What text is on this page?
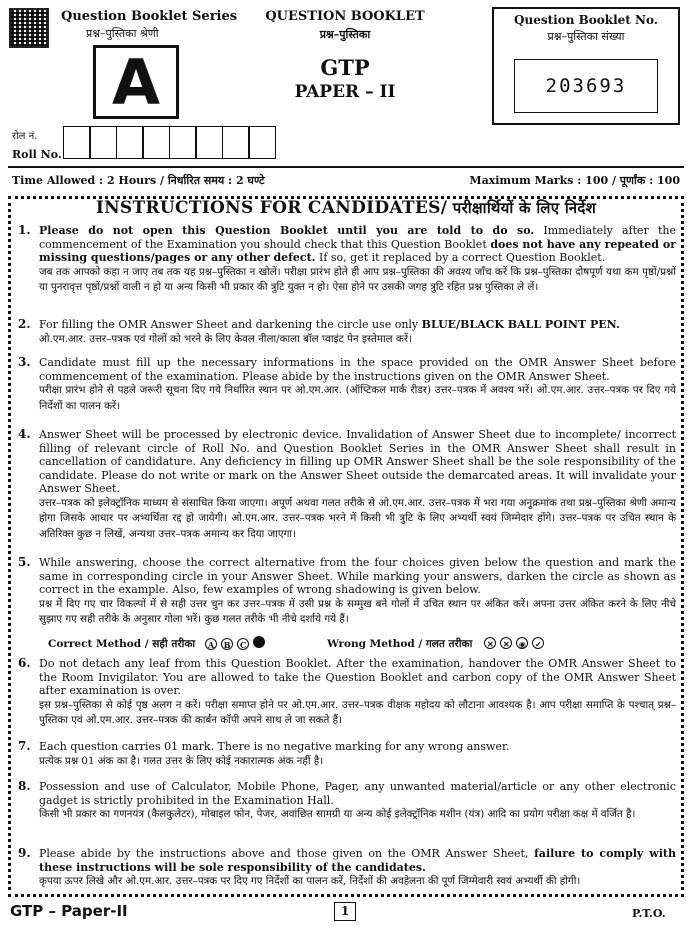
Question Booklet Series
प्रश्न–पुस्तिका श्रेणी
A
QUESTION BOOKLET
प्रश्न–पुस्तिका
GTP
PAPER – II
Question Booklet No.
प्रश्न–पुस्तिका संख्या
203693
रोल नं.
Roll No.
Time Allowed : 2 Hours / निर्धारित समय : 2 घण्टे	Maximum Marks : 100 / पूर्णांक : 100
INSTRUCTIONS FOR CANDIDATES/ परीक्षार्थियों के लिए निर्देश
1. Please do not open this Question Booklet until you are told to do so. Immediately after the commencement of the Examination you should check that this Question Booklet does not have any repeated or missing questions/pages or any other defect. If so, get it replaced by a correct Question Booklet.
जब तक आपको कहा न जाए तब तक यह प्रश्न–पुस्तिका न खोलें। परीक्षा प्रारंभ होते ही आप प्रश्न–पुस्तिका की अवश्य जाँच करें कि प्रश्न–पुस्तिका दोषपूर्ण यथा कम पृष्ठों/प्रश्नों या पुनरावृत्त पृष्ठों/प्रश्नों वाली न हो या अन्य किसी भी प्रकार की त्रुटि युक्त न हो। ऐसा होने पर उसकी जगह त्रुटि रहित प्रश्न पुस्तिका ले लें।
2. For filling the OMR Answer Sheet and darkening the circle use only BLUE/BLACK BALL POINT PEN.
ओ.एम.आर. उत्तर–पत्रक एवं गोलों को भरने के लिए केवल नीला/काला बॉल प्वाइंट पेन इस्तेमाल करें।
3. Candidate must fill up the necessary informations in the space provided on the OMR Answer Sheet before commencement of the examination. Please abide by the instructions given on the OMR Answer Sheet.
परीक्षा प्रारंभ होने से पहले जरूरी सूचना दिए गये निर्धारित स्थान पर ओ.एम.आर. (ऑप्टिकल मार्क रीडर) उत्तर–पत्रक में अवश्य भरें। ओ.एम.आर. उत्तर–पत्रक पर दिए गये निर्देशों का पालन करें।
4. Answer Sheet will be processed by electronic device. Invalidation of Answer Sheet due to incomplete/ incorrect filling of relevant circle of Roll No. and Question Booklet Series in the OMR Answer Sheet shall result in cancellation of candidature. Any deficiency in filling up OMR Answer Sheet shall be the sole responsibility of the candidate. Please do not write or mark on the Answer Sheet outside the demarcated areas. It will invalidate your Answer Sheet.
उत्तर–पत्रक को इलेक्ट्रॉनिक माध्यम से संसाधित किया जाएगा। अपूर्ण अथवा गलत तरीके से ओ.एम.आर. उत्तर–पत्रक में भरा गया अनुक्रमांक तथा प्रश्न–पुस्तिका श्रेणी अमान्य होगा जिसके आधार पर अभ्यर्थिता रद्द हो जायेगी। ओ.एम.आर. उत्तर–पत्रक भरने में किसी भी त्रुटि के लिए अभ्यर्थी स्वयं जिम्मेदार होंगे। उत्तर–पत्रक पर उचित स्थान के अतिरिक्त कुछ न लिखें, अन्यथा उत्तर–पत्रक अमान्य कर दिया जाएगा।
5. While answering, choose the correct alternative from the four choices given below the question and mark the same in corresponding circle in your Answer Sheet. While marking your answers, darken the circle as shown as correct in the example. Also, few examples of wrong shadowing is given below.
प्रश्न में दिए गए चार विकल्पों में से सही उत्तर चुन कर उत्तर–पत्रक में उसी प्रश्न के सम्मुख बने गोलों में उचित स्थान पर अंकित करें। अपना उत्तर अंकित करने के लिए नीचे सुझाए गए सही तरीके के अनुसार गोला भरें। कुछ गलत तरीके भी नीचे दर्शाये गये हैं।
Correct Method / सही तरीका	A B C	Wrong Method / गलत तरीका	✕ ✕ ◉ ✓
6. Do not detach any leaf from this Question Booklet. After the examination, handover the OMR Answer Sheet to the Room Invigilator. You are allowed to take the Question Booklet and carbon copy of the OMR Answer Sheet after examination is over.
इस प्रश्न–पुस्तिका से कोई पृष्ठ अलग न करें। परीक्षा समाप्त होने पर ओ.एम.आर. उत्तर–पत्रक वीक्षक महोदय को लौटाना आवश्यक है। आप परीक्षा समाप्ति के पश्चात् प्रश्न–पुस्तिका एवं ओ.एम.आर. उत्तर–पत्रक की कार्बन कॉपी अपने साथ ले जा सकते हैं।
7. Each question carries 01 mark. There is no negative marking for any wrong answer.
प्रत्येक प्रश्न 01 अंक का है। गलत उत्तर के लिए कोई नकारात्मक अंक नहीं है।
8. Possession and use of Calculator, Mobile Phone, Pager, any unwanted material/article or any other electronic gadget is strictly prohibited in the Examination Hall.
किसी भी प्रकार का गणनयंत्र (कैलकुलेटर), मोबाइल फोन, पेजर, अवांछित सामग्री या अन्य कोई इलेक्ट्रॉनिक मशीन (यंत्र) आदि का प्रयोग परीक्षा कक्ष में वर्जित है।
9. Please abide by the instructions above and those given on the OMR Answer Sheet, failure to comply with these instructions will be sole responsibility of the candidates.
कृपया ऊपर लिखे और ओ.एम.आर. उत्तर–पत्रक पर दिए गए निर्देशों का पालन करें, निर्देशों की अवहेलना की पूर्ण जिम्मेवारी स्वयं अभ्यर्थी की होगी।
GTP – Paper-II	1	P.T.O.
